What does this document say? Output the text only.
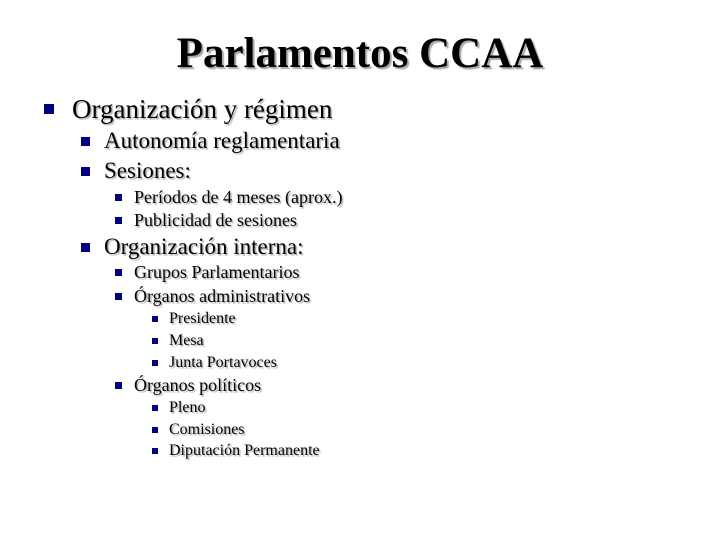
Parlamentos CCAA
Organización y régimen
Autonomía reglamentaria
Sesiones:
Períodos de 4 meses (aprox.)
Publicidad de sesiones
Organización interna:
Grupos Parlamentarios
Órganos administrativos
Presidente
Mesa
Junta Portavoces
Órganos políticos
Pleno
Comisiones
Diputación Permanente
